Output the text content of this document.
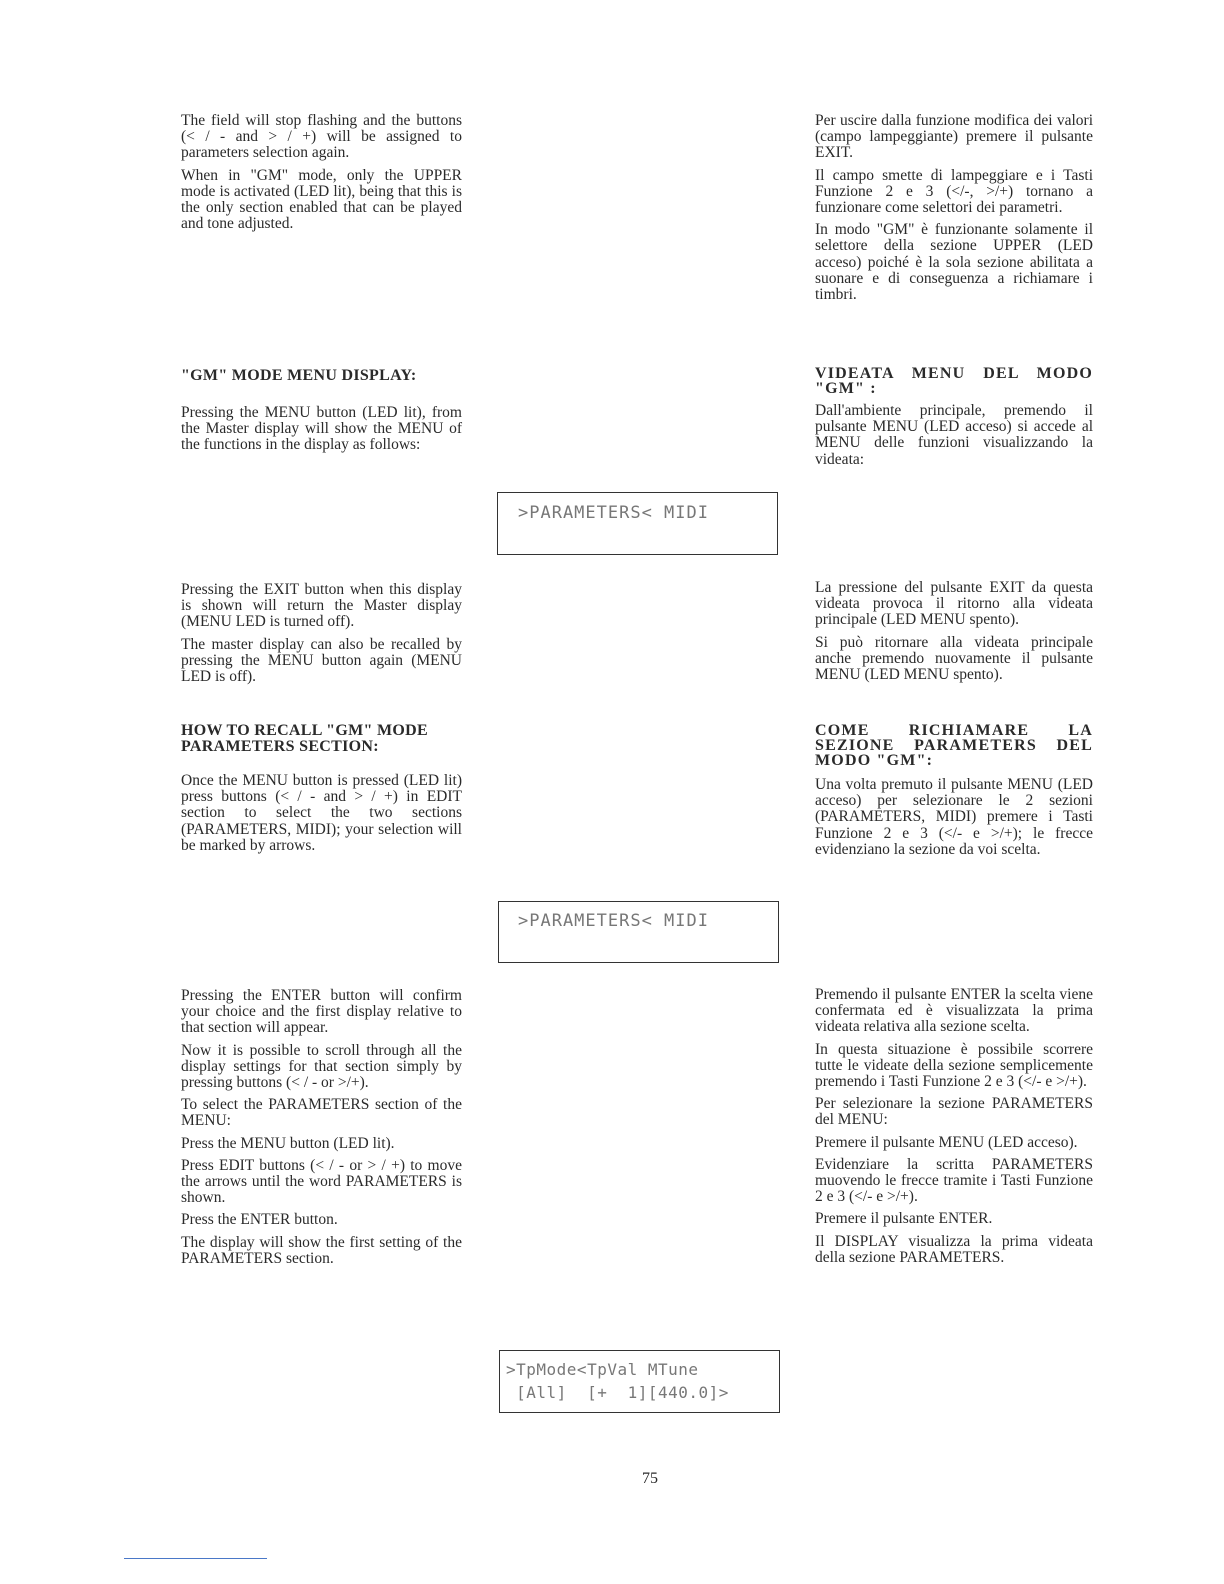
The field will stop flashing and the buttons (< / - and > / +) will be assigned to parameters selection again.

When in "GM" mode, only the UPPER mode is activated (LED lit), being that this is the only section enabled that can be played and tone adjusted.

"GM" MODE MENU DISPLAY:

Pressing the MENU button (LED lit), from the Master display will show the MENU of the functions in the display as follows:

Pressing the EXIT button when this display is shown will return the Master display (MENU LED is turned off).

The master display can also be recalled by pressing the MENU button again (MENU LED is off).

HOW TO RECALL "GM" MODE PARAMETERS SECTION:

Once the MENU button is pressed (LED lit) press buttons (< / - and > / +) in EDIT section to select the two sections (PARAMETERS, MIDI); your selection will be marked by arrows.

Pressing the ENTER button will confirm your choice and the first display relative to that section will appear.

Now it is possible to scroll through all the display settings for that section simply by pressing buttons (< / - or >/+).

To select the PARAMETERS section of the MENU:

Press the MENU button (LED lit).

Press EDIT buttons (< / - or > / +) to move the arrows until the word PARAMETERS is shown.

Press the ENTER button.

The display will show the first setting of the PARAMETERS section.

Per uscire dalla funzione modifica dei valori (campo lampeggiante) premere il pulsante EXIT.

Il campo smette di lampeggiare e i Tasti Funzione 2 e 3 (</-, >/+) tornano a funzionare come selettori dei parametri.

In modo "GM" è funzionante solamente il selettore della sezione UPPER (LED acceso) poiché è la sola sezione abilitata a suonare e di conseguenza a richiamare i timbri.

VIDEATA MENU DEL MODO "GM" :

Dall'ambiente principale, premendo il pulsante MENU (LED acceso) si accede al MENU delle funzioni visualizzando la videata:

La pressione del pulsante EXIT da questa videata provoca il ritorno alla videata principale (LED MENU spento).

Si può ritornare alla videata principale anche premendo nuovamente il pulsante MENU (LED MENU spento).

COME RICHIAMARE LA SEZIONE PARAMETERS DEL MODO "GM":

Una volta premuto il pulsante MENU (LED acceso) per selezionare le 2 sezioni (PARAMETERS, MIDI) premere i Tasti Funzione 2 e 3 (</- e >/+); le frecce evidenziano la sezione da voi scelta.

Premendo il pulsante ENTER la scelta viene confermata ed è visualizzata la prima videata relativa alla sezione scelta.

In questa situazione è possibile scorrere tutte le videate della sezione semplicemente premendo i Tasti Funzione 2 e 3 (</- e >/+).

Per selezionare la sezione PARAMETERS del MENU:

Premere il pulsante MENU (LED acceso).

Evidenziare la scritta PARAMETERS muovendo le frecce tramite i Tasti Funzione 2 e 3 (</- e >/+).

Premere il pulsante ENTER.

Il DISPLAY visualizza la prima videata della sezione PARAMETERS.

>PARAMETERS< MIDI

>PARAMETERS< MIDI

>TpMode<TpVal MTune

[All]  [+  1][440.0]>

75
